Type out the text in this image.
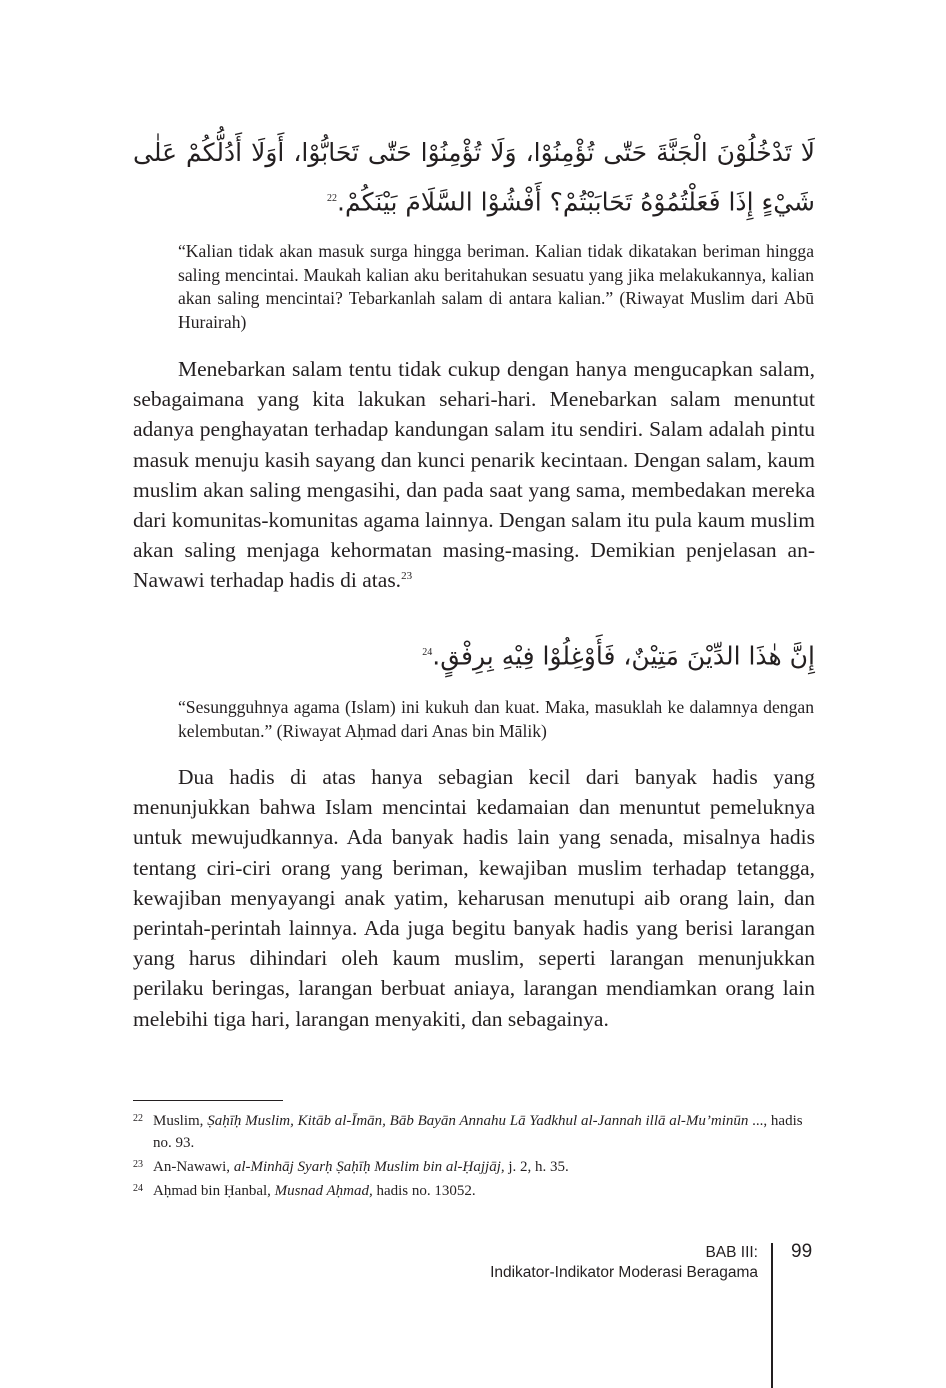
لَا تَدْخُلُوْنَ الْجَنَّةَ حَتّٰى تُؤْمِنُوْا، وَلَا تُؤْمِنُوْا حَتّٰى تَحَابُّوْا، أَوَلَا أَدُلُّكُمْ عَلٰى شَيْءٍ إِذَا فَعَلْتُمُوْهُ تَحَابَبْتُمْ؟ أَفْشُوْا السَّلَامَ بَيْنَكُمْ.$^{22}$

“Kalian tidak akan masuk surga hingga beriman. Kalian tidak dikatakan beriman hingga saling mencintai. Maukah kalian aku beritahukan sesuatu yang jika melakukannya, kalian akan saling mencintai? Tebarkanlah salam di antara kalian.” (Riwayat Muslim dari Abū Hurairah)

Menebarkan salam tentu tidak cukup dengan hanya mengucapkan salam, sebagaimana yang kita lakukan sehari-hari. Menebarkan salam menuntut adanya penghayatan terhadap kandungan salam itu sendiri. Salam adalah pintu masuk menuju kasih sayang dan kunci penarik kecintaan. Dengan salam, kaum muslim akan saling mengasihi, dan pada saat yang sama, membedakan mereka dari komunitas-komunitas agama lainnya. Dengan salam itu pula kaum muslim akan saling menjaga kehormatan masing-masing. Demikian penjelasan an-Nawawi terhadap hadis di atas.$^{23}$

إِنَّ هٰذَا الدِّيْنَ مَتِيْنٌ، فَأَوْغِلُوْا فِيْهِ بِرِفْقٍ.$^{24}$

“Sesungguhnya agama (Islam) ini kukuh dan kuat. Maka, masuklah ke dalamnya dengan kelembutan.” (Riwayat Aḥmad dari Anas bin Mālik)

Dua hadis di atas hanya sebagian kecil dari banyak hadis yang menunjukkan bahwa Islam mencintai kedamaian dan menuntut pemeluknya untuk mewujudkannya. Ada banyak hadis lain yang senada, misalnya hadis tentang ciri-ciri orang yang beriman, kewajiban muslim terhadap tetangga, kewajiban menyayangi anak yatim, keharusan menutupi aib orang lain, dan perintah-perintah lainnya. Ada juga begitu banyak hadis yang berisi larangan yang harus dihindari oleh kaum muslim, seperti larangan menunjukkan perilaku beringas, larangan berbuat aniaya, larangan mendiamkan orang lain melebihi tiga hari, larangan menyakiti, dan sebagainya.

22 Muslim, Ṣaḥīḥ Muslim, Kitāb al-Īmān, Bāb Bayān Annahu Lā Yadkhul al-Jannah illā al-Mu’minūn ..., hadis no. 93.
23 An-Nawawi, al-Minhāj Syarḥ Ṣaḥīḥ Muslim bin al-Ḥajjāj, j. 2, h. 35.
24 Aḥmad bin Ḥanbal, Musnad Aḥmad, hadis no. 13052.
BAB III:
Indikator-Indikator Moderasi Beragama
99
